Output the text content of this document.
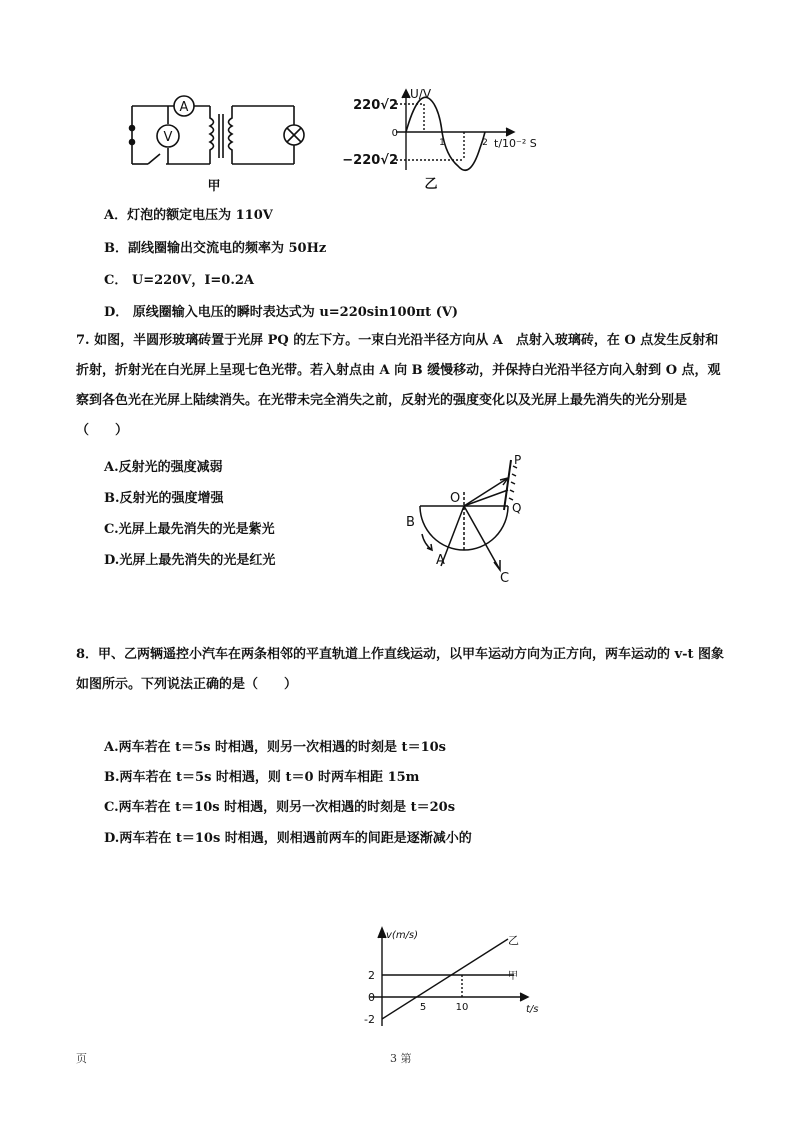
V
A
甲
220√2
−220√2
U/V
0
1	2 t/10⁻² S
乙
A．灯泡的额定电压为 110V
B．副线圈输出交流电的频率为 50Hz
C． U=220V，I=0.2A
D． 原线圈输入电压的瞬时表达式为 u=220sin100πt (V)
7. 如图，半圆形玻璃砖置于光屏 PQ 的左下方。一束白光沿半径方向从 A　点射入玻璃砖，在 O 点发生反射和折射，折射光在白光屏上呈现七色光带。若入射点由 A 向 B 缓慢移动，并保持白光沿半径方向入射到 O 点，观察到各色光在光屏上陆续消失。在光带未完全消失之前，反射光的强度变化以及光屏上最先消失的光分别是　（　　）
A.反射光的强度减弱
B.反射光的强度增强
C.光屏上最先消失的光是紫光
D.光屏上最先消失的光是红光
O
P
Q
B
A
C
8．甲、乙两辆遥控小汽车在两条相邻的平直轨道上作直线运动，以甲车运动方向为正方向，两车运动的 v-t 图象如图所示。下列说法正确的是（　　）
A.两车若在 t＝5s 时相遇，则另一次相遇的时刻是 t＝10s
B.两车若在 t＝5s 时相遇，则 t＝0 时两车相距 15m
C.两车若在 t＝10s 时相遇，则另一次相遇的时刻是 t＝20s
D.两车若在 t＝10s 时相遇，则相遇前两车的间距是逐渐减小的
v(m/s)
t/s
2
0
-2
5	10
甲
乙
页	3 第
